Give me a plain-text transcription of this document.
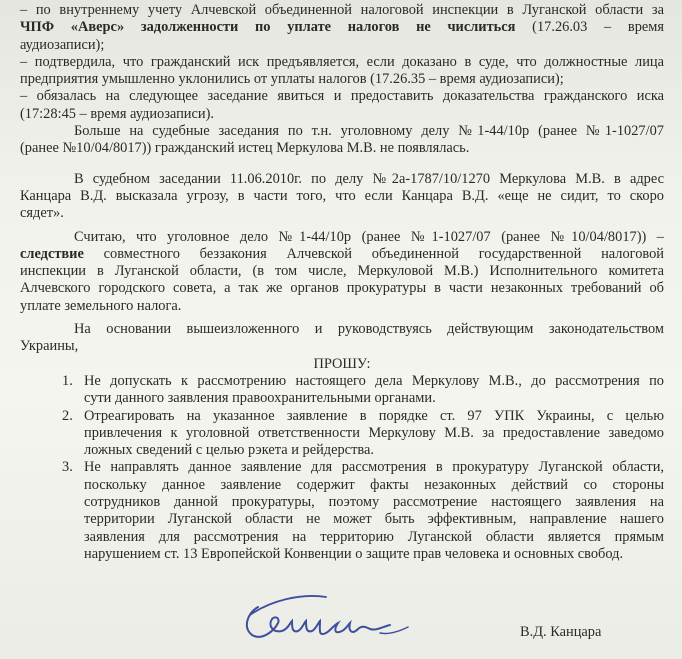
– по внутреннему учету Алчевской объединенной налоговой инспекции в Луганской области за
ЧПФ «Аверс» задолженности по уплате налогов не числиться (17.26.03 – время
аудиозаписи);
– подтвердила, что гражданский иск предъявляется, если доказано в суде, что должностные лица
предприятия умышленно уклонились от уплаты налогов (17.26.35 – время аудиозаписи);
– обязалась на следующее заседание явиться и предоставить доказательства гражданского иска
(17:28:45 – время аудиозаписи).
Больше на судебные заседания по т.н. уголовному делу №1-44/10р (ранее №1-1027/07
(ранее №10/04/8017)) гражданский истец Меркулова М.В. не появлялась.
В судебном заседании 11.06.2010г. по делу №2а-1787/10/1270 Меркулова М.В. в адрес
Канцара В.Д. высказала угрозу, в части того, что если Канцара В.Д. «еще не сидит, то скоро
сядет».
Считаю, что уголовное дело №1-44/10р (ранее №1-1027/07 (ранее №10/04/8017)) –
следствие совместного беззакония Алчевской объединенной государственной налоговой
инспекции в Луганской области, (в том числе, Меркуловой М.В.) Исполнительного комитета
Алчевского городского совета, а так же органов прокуратуры в части незаконных требований об
уплате земельного налога.
На основании вышеизложенного и руководствуясь действующим законодательством
Украины,
ПРОШУ:
1. Не допускать к рассмотрению настоящего дела Меркулову М.В., до рассмотрения по
сути данного заявления правоохранительными органами.
2. Отреагировать на указанное заявление в порядке ст. 97 УПК Украины, с целью
привлечения к уголовной ответственности Меркулову М.В. за предоставление заведомо
ложных сведений с целью рэкета и рейдерства.
3. Не направлять данное заявление для рассмотрения в прокуратуру Луганской области,
поскольку данное заявление содержит факты незаконных действий со стороны
сотрудников данной прокуратуры, поэтому рассмотрение настоящего заявления на
территории Луганской области не может быть эффективным, направление нашего
заявления для рассмотрения на территорию Луганской области является прямым
нарушением ст. 13 Европейской Конвенции о защите прав человека и основных свобод.
В.Д. Канцара
